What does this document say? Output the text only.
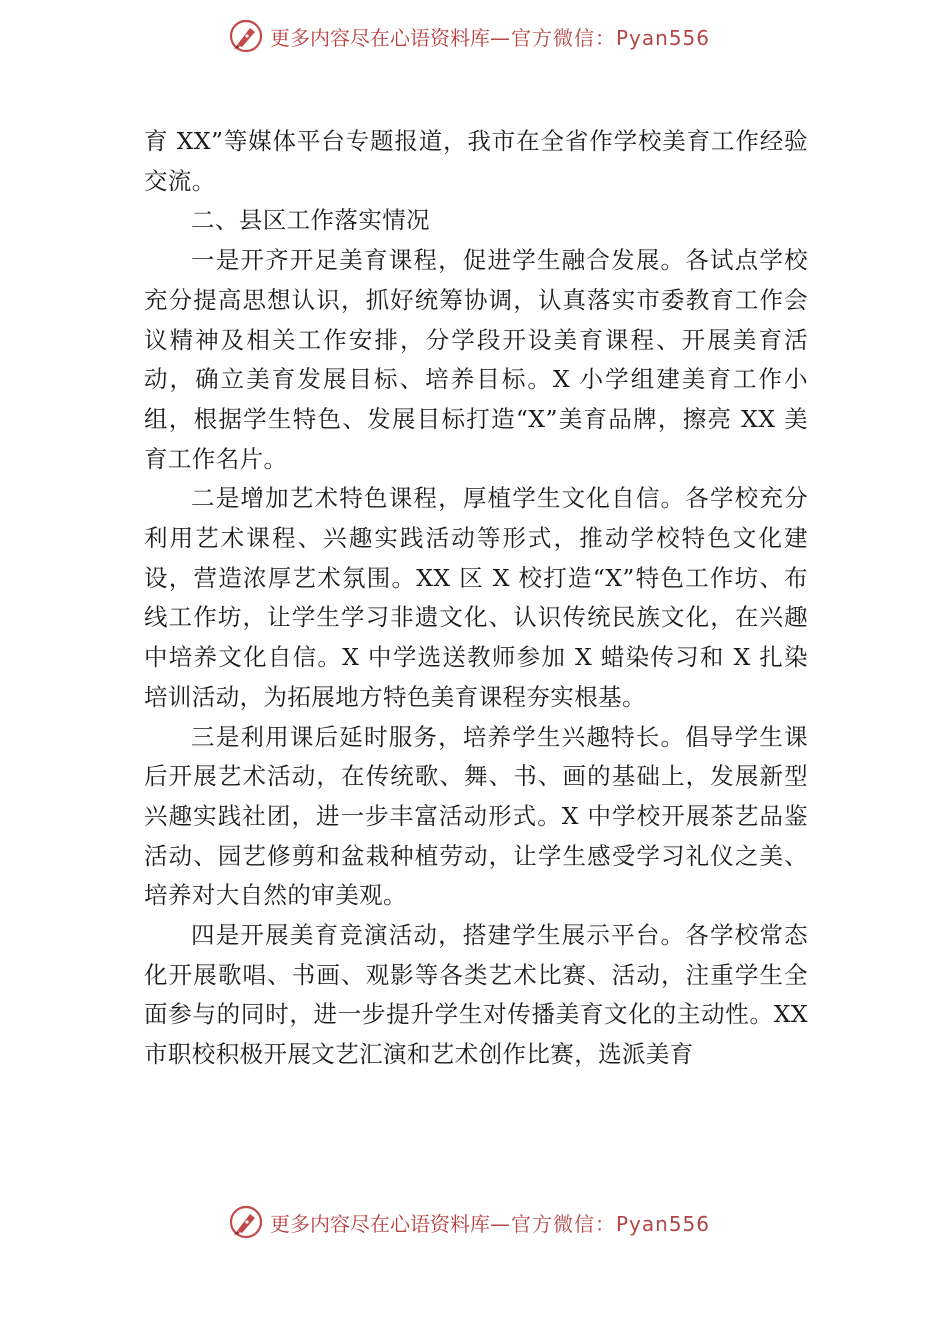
更多内容尽在心语资料库 —官方微信：Pyan556

育 XX”等媒体平台专题报道，我市在全省作学校美育工作经验交流。

二、县区工作落实情况

一是开齐开足美育课程，促进学生融合发展。各试点学校充分提高思想认识，抓好统筹协调，认真落实市委教育工作会议精神及相关工作安排，分学段开设美育课程、开展美育活动，确立美育发展目标、培养目标。X 小学组建美育工作小组，根据学生特色、发展目标打造“X”美育品牌，擦亮 XX 美育工作名片。

二是增加艺术特色课程，厚植学生文化自信。各学校充分利用艺术课程、兴趣实践活动等形式，推动学校特色文化建设，营造浓厚艺术氛围。XX 区 X 校打造“X”特色工作坊、布线工作坊，让学生学习非遗文化、认识传统民族文化，在兴趣中培养文化自信。X 中学选送教师参加 X 蜡染传习和 X 扎染培训活动，为拓展地方特色美育课程夯实根基。

三是利用课后延时服务，培养学生兴趣特长。倡导学生课后开展艺术活动，在传统歌、舞、书、画的基础上，发展新型兴趣实践社团，进一步丰富活动形式。X 中学校开展茶艺品鉴活动、园艺修剪和盆栽种植劳动，让学生感受学习礼仪之美、培养对大自然的审美观。

四是开展美育竞演活动，搭建学生展示平台。各学校常态化开展歌唱、书画、观影等各类艺术比赛、活动，注重学生全面参与的同时，进一步提升学生对传播美育文化的主动性。XX 市职校积极开展文艺汇演和艺术创作比赛，选派美育

更多内容尽在心语资料库 —官方微信：Pyan556
